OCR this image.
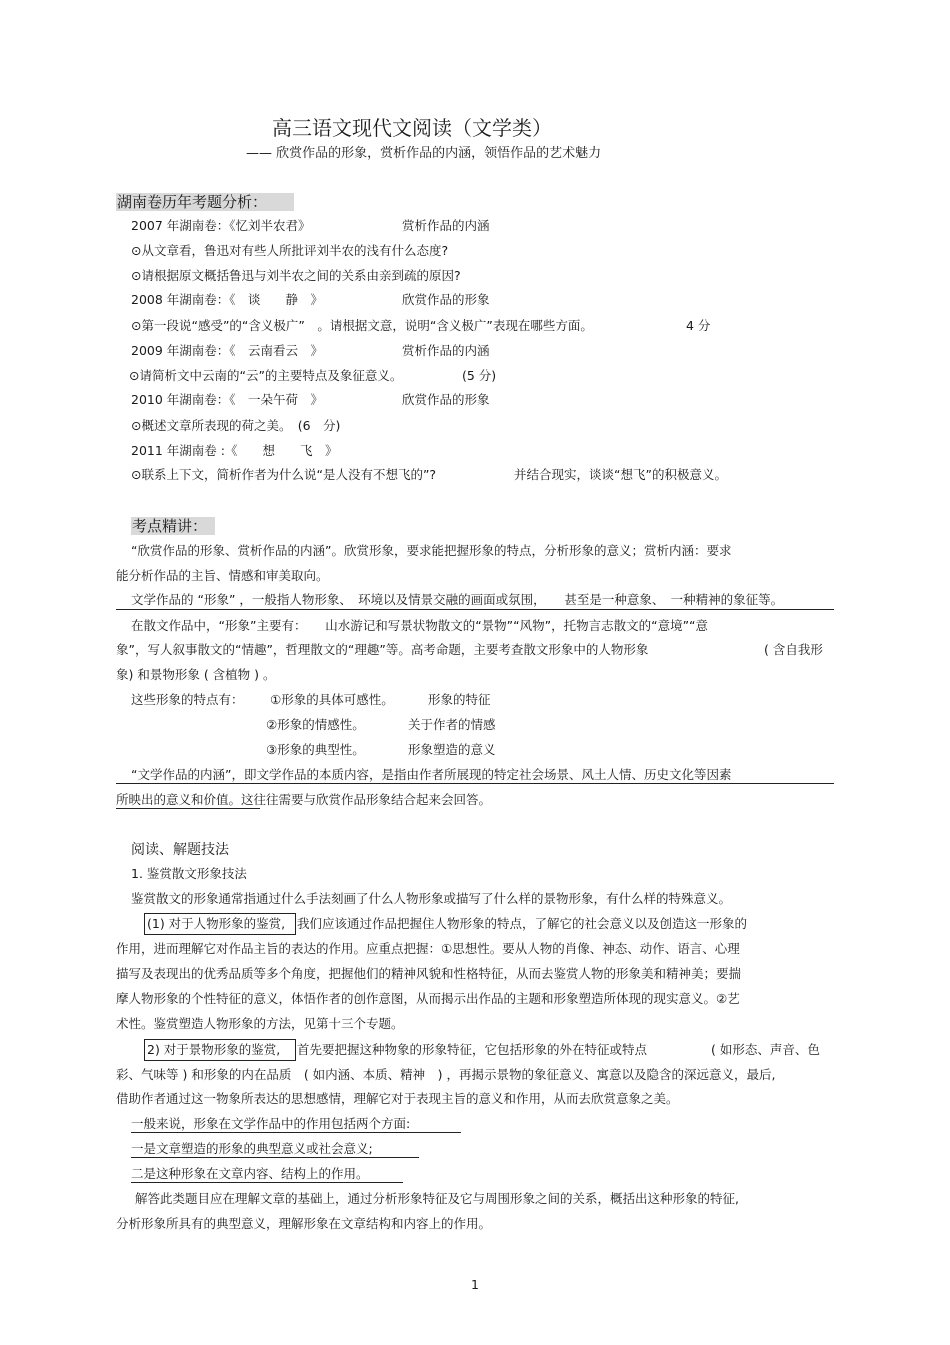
高三语文现代文阅读（文学类）
—— 欣赏作品的形象，赏析作品的内涵，领悟作品的艺术魅力
湖南卷历年考题分析：
2007 年湖南卷：《忆刘半农君》	赏析作品的内涵
⊙从文章看，鲁迅对有些人所批评刘半农的浅有什么态度?
⊙请根据原文概括鲁迅与刘半农之间的关系由亲到疏的原因?
2008 年湖南卷：《　谈　　静　》	欣赏作品的形象
⊙第一段说“感受”的“含义极广”　。请根据文意，说明“含义极广”表现在哪些方面。	4 分
2009 年湖南卷：《　云南看云　》	赏析作品的内涵
⊙请简析文中云南的“云”的主要特点及象征意义。	(5 分)
2010 年湖南卷：《　一朵午荷　》	欣赏作品的形象
⊙概述文章所表现的荷之美。　(6　分)
2011 年湖南卷 :《　　想　　飞　》
⊙联系上下文，简析作者为什么说“是人没有不想飞的”?	并结合现实，谈谈“想飞”的积极意义。
考点精讲：
“欣赏作品的形象、赏析作品的内涵”。欣赏形象，要求能把握形象的特点，分析形象的意义；赏析内涵：要求
能分析作品的主旨、情感和审美取向。
文学作品的 “形象” ，一般指人物形象、　环境以及情景交融的画面或氛围，　　甚至是一种意象、　一种精神的象征等。
在散文作品中，“形象”主要有：　　山水游记和写景状物散文的“景物”“风物”，托物言志散文的“意境”“意
象”，写人叙事散文的“情趣”，哲理散文的“理趣”等。高考命题，主要考查散文形象中的人物形象	( 含自我形
象) 和景物形象 ( 含植物 ) 。
这些形象的特点有： ①形象的具体可感性。	形象的特征
②形象的情感性。	关于作者的情感
③形象的典型性。	形象塑造的意义
“文学作品的内涵”，即文学作品的本质内容，是指由作者所展现的特定社会场景、风土人情、历史文化等因素
所映出的意义和价值。这往往需要与欣赏作品形象结合起来会回答。
阅读、解题技法
1. 鉴赏散文形象技法
鉴赏散文的形象通常指通过什么手法刻画了什么人物形象或描写了什么样的景物形象，有什么样的特殊意义。
(1) 对于人物形象的鉴赏, 我们应该通过作品把握住人物形象的特点，了解它的社会意义以及创造这一形象的
作用，进而理解它对作品主旨的表达的作用。应重点把握：①思想性。要从人物的肖像、神态、动作、语言、心理
描写及表现出的优秀品质等多个角度，把握他们的精神风貌和性格特征，从而去鉴赏人物的形象美和精神美；要揣
摩人物形象的个性特征的意义，体悟作者的创作意图，从而揭示出作品的主题和形象塑造所体现的现实意义。②艺
术性。鉴赏塑造人物形象的方法，见第十三个专题。
2) 对于景物形象的鉴赏, 首先要把握这种物象的形象特征，它包括形象的外在特征或特点	( 如形态、声音、色
彩、气味等 ) 和形象的内在品质　( 如内涵、本质、精神　) ，再揭示景物的象征意义、寓意以及隐含的深远意义，最后,
借助作者通过这一物象所表达的思想感情，理解它对于表现主旨的意义和作用，从而去欣赏意象之美。
一般来说，形象在文学作品中的作用包括两个方面:
一是文章塑造的形象的典型意义或社会意义;
二是这种形象在文章内容、结构上的作用。
解答此类题目应在理解文章的基础上，通过分析形象特征及它与周围形象之间的关系，概括出这种形象的特征,
分析形象所具有的典型意义，理解形象在文章结构和内容上的作用。
1
